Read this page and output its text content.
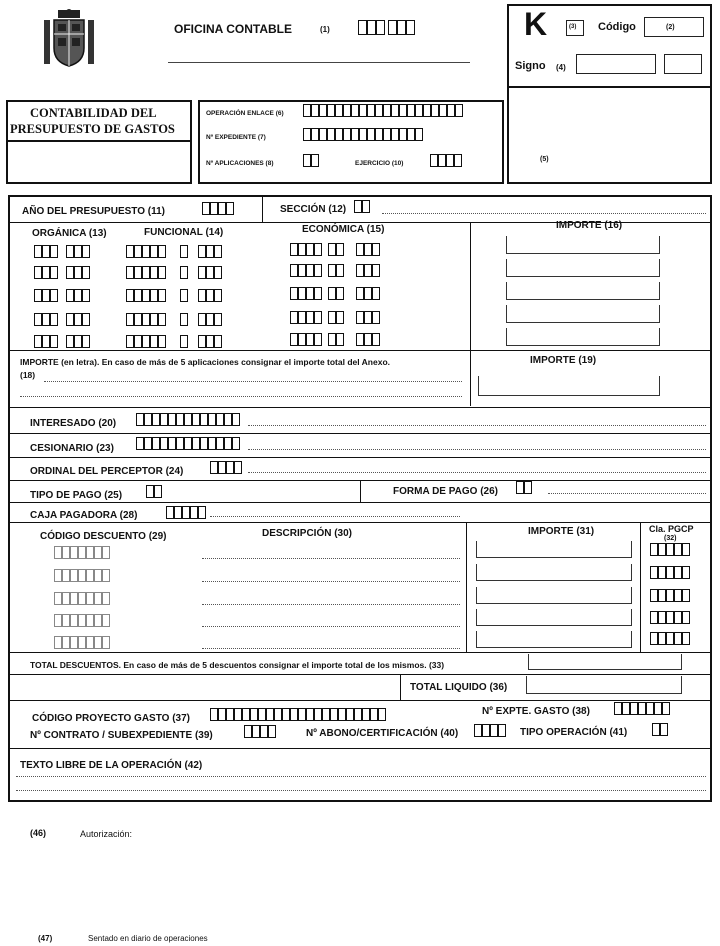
OFICINA CONTABLE	(1)	K	(3) Código	(2)
Signo (4)
(5)
CONTABILIDAD DEL
PRESUPUESTO DE GASTOS
OPERACIÓN ENLACE (6)
Nº EXPEDIENTE (7)
Nº APLICACIONES (8)	EJERCICIO (10)
AÑO DEL PRESUPUESTO (11)	SECCIÓN (12)
ORGÁNICA (13)	FUNCIONAL (14)	ECONÓMICA (15)	IMPORTE (16)
IMPORTE (en letra). En caso de más de 5 aplicaciones consignar el importe total del Anexo.
(18)
IMPORTE (19)
INTERESADO (20)
CESIONARIO (23)
ORDINAL DEL PERCEPTOR (24)
TIPO DE PAGO (25)	FORMA DE PAGO (26)
CAJA PAGADORA (28)
CÓDIGO DESCUENTO (29)	DESCRIPCIÓN (30)	IMPORTE (31)	Cla. PGCP
(32)
TOTAL DESCUENTOS. En caso de más de 5 descuentos consignar el importe total de los mismos. (33)
TOTAL LIQUIDO (36)
CÓDIGO PROYECTO GASTO (37)
Nº EXPTE. GASTO (38)
Nº CONTRATO / SUBEXPEDIENTE (39)	Nº ABONO/CERTIFICACIÓN (40)	TIPO OPERACIÓN (41)
TEXTO LIBRE DE LA OPERACIÓN (42)
(46)	Autorización:
(47)	Sentado en diario de operaciones
